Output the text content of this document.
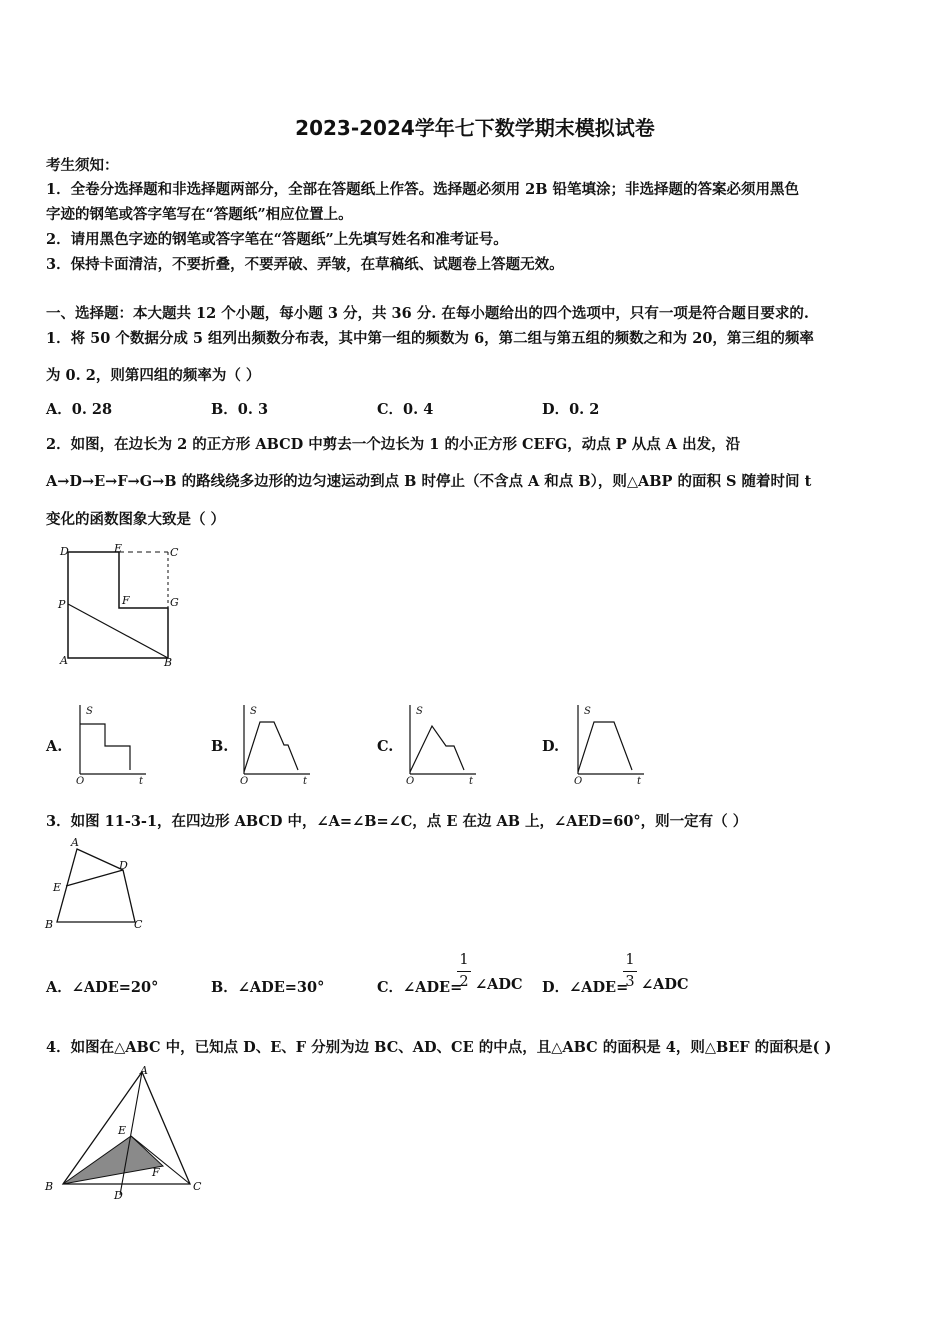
2023-2024学年七下数学期末模拟试卷
考生须知：
1．全卷分选择题和非选择题两部分，全部在答题纸上作答。选择题必须用 2B 铅笔填涂；非选择题的答案必须用黑色
字迹的钢笔或答字笔写在“答题纸”相应位置上。
2．请用黑色字迹的钢笔或答字笔在“答题纸”上先填写姓名和准考证号。
3．保持卡面清洁，不要折叠，不要弄破、弄皱，在草稿纸、试题卷上答题无效。
一、选择题：本大题共 12 个小题，每小题 3 分，共 36 分. 在每小题给出的四个选项中，只有一项是符合题目要求的.
1．将 50 个数据分成 5 组列出频数分布表，其中第一组的频数为 6，第二组与第五组的频数之和为 20，第三组的频率
为 0. 2，则第四组的频率为（ ）
A．0. 28	B．0. 3	C．0. 4	D．0. 2
2．如图，在边长为 2 的正方形 ABCD 中剪去一个边长为 1 的小正方形 CEFG，动点 P 从点 A 出发，沿
A→D→E→F→G→B 的路线绕多边形的边匀速运动到点 B 时停止（不含点 A 和点 B），则△ABP 的面积 S 随着时间 t
变化的函数图象大致是（ ）
D	E	C
P	F	G
A	B
A.
S
O	t
B.
S
O	t
C.
S
O	t
D.
S
O	t
3．如图 11-3-1，在四边形 ABCD 中，∠A=∠B=∠C，点 E 在边 AB 上，∠AED=60°，则一定有（ ）
A
D
E
B	C
A．∠ADE=20°	B．∠ADE=30°	C．∠ADE=
1
2 ∠ADC D．∠ADE=
1
3 ∠ADC
4．如图在△ABC 中，已知点 D、E、F 分别为边 BC、AD、CE 的中点，且△ABC 的面积是 4，则△BEF 的面积是( )
A
E
F
B
D
C
